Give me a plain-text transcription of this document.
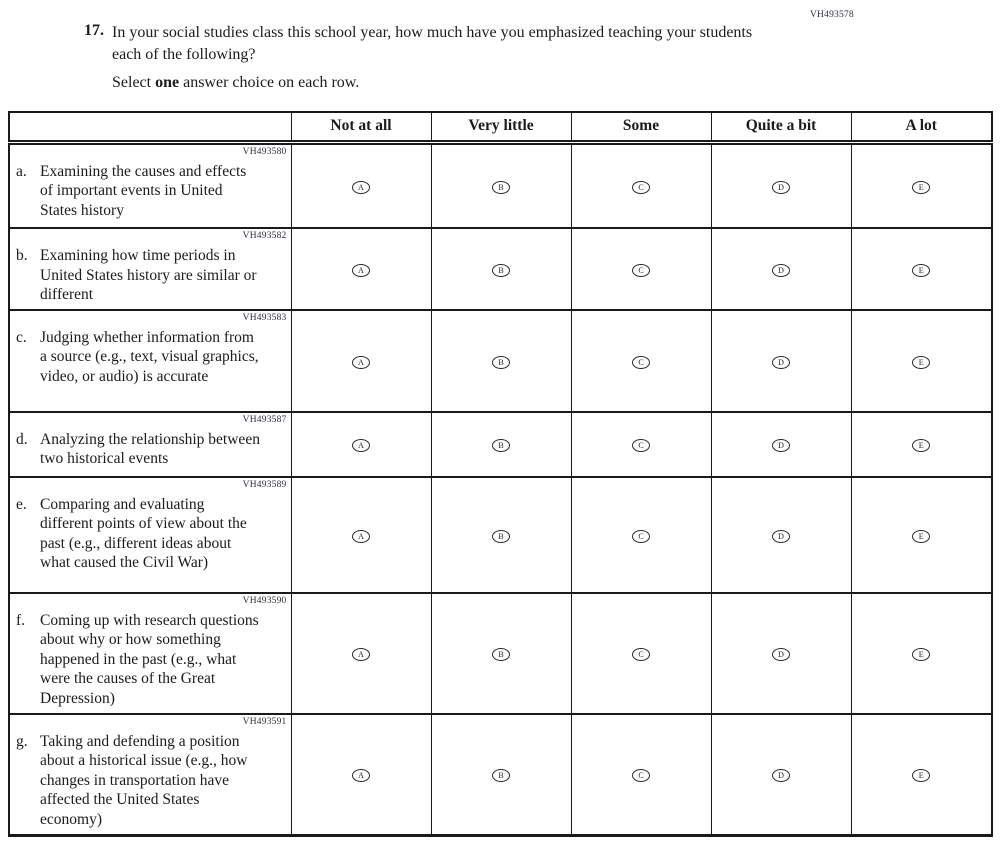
VH493578
17. In your social studies class this school year, how much have you emphasized teaching your students each of the following?
Select one answer choice on each row.
	Not at all	Very little	Some	Quite a bit	A lot

VH493580
a. Examining the causes and effects of important events in United States history	A	B	C	D	E

VH493582
b. Examining how time periods in United States history are similar or different	A	B	C	D	E

VH493583
c. Judging whether information from a source (e.g., text, visual graphics, video, or audio) is accurate	A	B	C	D	E

VH493587
d. Analyzing the relationship between two historical events	A	B	C	D	E

VH493589
e. Comparing and evaluating different points of view about the past (e.g., different ideas about what caused the Civil War)	A	B	C	D	E

VH493590
f. Coming up with research questions about why or how something happened in the past (e.g., what were the causes of the Great Depression)	A	B	C	D	E

VH493591
g. Taking and defending a position about a historical issue (e.g., how changes in transportation have affected the United States economy)	A	B	C	D	E
